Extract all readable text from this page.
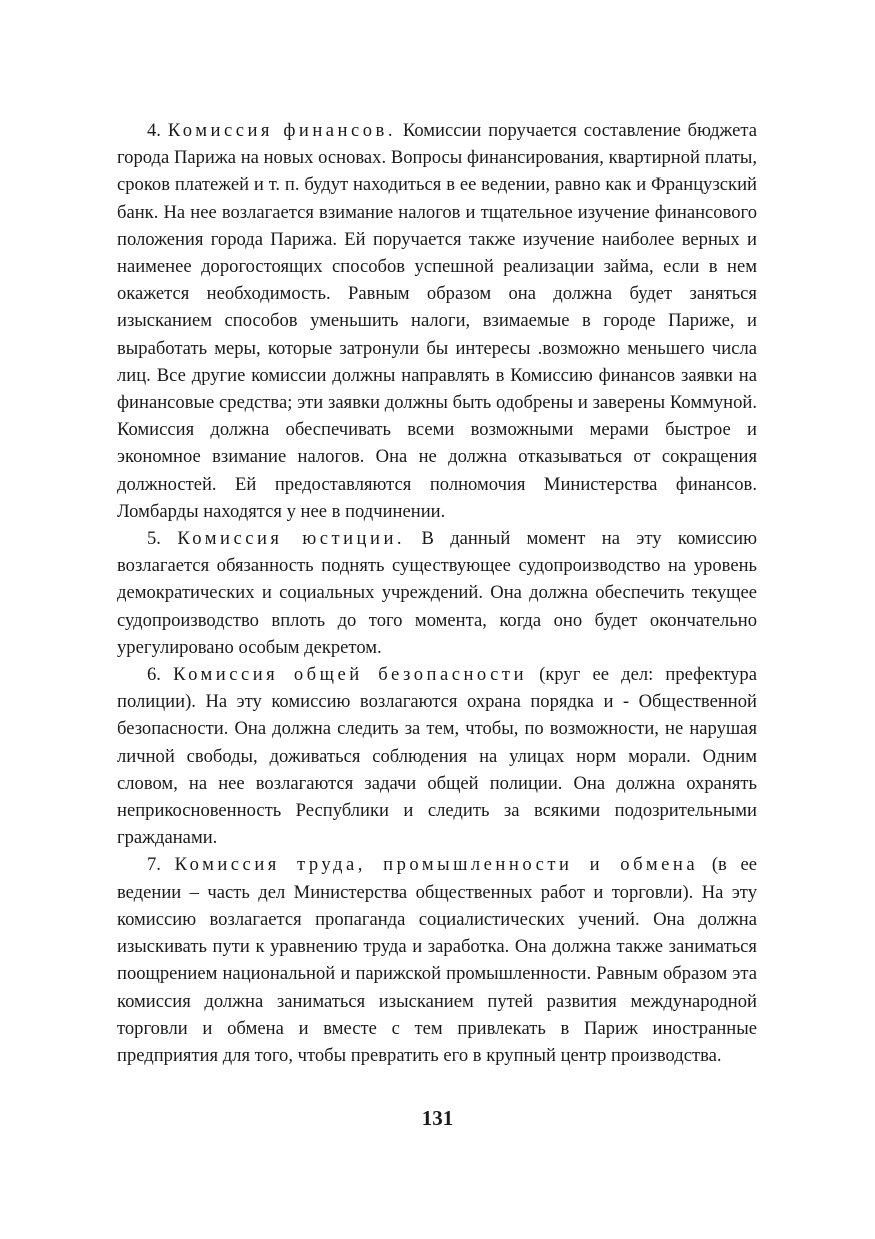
4. Комиссия финансов. Комиссии поручается составление бюджета города Парижа на новых основах. Вопросы финансирования, квартирной платы, сроков платежей и т. п. будут находиться в ее ведении, равно как и Французский банк. На нее возлагается взимание налогов и тщательное изучение финансового положения города Парижа. Ей поручается также изучение наиболее верных и наименее дорогостоящих способов успешной реализации займа, если в нем окажется необходимость. Равным образом она должна будет заняться изысканием способов уменьшить налоги, взимаемые в городе Париже, и выработать меры, которые затронули бы интересы .возможно меньшего числа лиц. Все другие комиссии должны направлять в Комиссию финансов заявки на финансовые средства; эти заявки должны быть одобрены и заверены Коммуной. Комиссия должна обеспечивать всеми возможными мерами быстрое и экономное взимание налогов. Она не должна отказываться от сокращения должностей. Ей предоставляются полномочия Министерства финансов. Ломбарды находятся у нее в подчинении.

5. Комиссия юстиции. В данный момент на эту комиссию возлагается обязанность поднять существующее судопроизводство на уровень демократических и социальных учреждений. Она должна обеспечить текущее судопроизводство вплоть до того момента, когда оно будет окончательно урегулировано особым декретом.

6. Комиссия общей безопасности (круг ее дел: префектура полиции). На эту комиссию возлагаются охрана порядка и - Общественной безопасности. Она должна следить за тем, чтобы, по возможности, не нарушая личной свободы, доживаться соблюдения на улицах норм морали. Одним словом, на нее возлагаются задачи общей полиции. Она должна охранять неприкосновенность Республики и следить за всякими подозрительными гражданами.

7. Комиссия труда, промышленности и обмена (в ее ведении – часть дел Министерства общественных работ и торговли). На эту комиссию возлагается пропаганда социалистических учений. Она должна изыскивать пути к уравнению труда и заработка. Она должна также заниматься поощрением национальной и парижской промышленности. Равным образом эта комиссия должна заниматься изысканием путей развития международной торговли и обмена и вместе с тем привлекать в Париж иностранные предприятия для того, чтобы превратить его в крупный центр производства.

131
